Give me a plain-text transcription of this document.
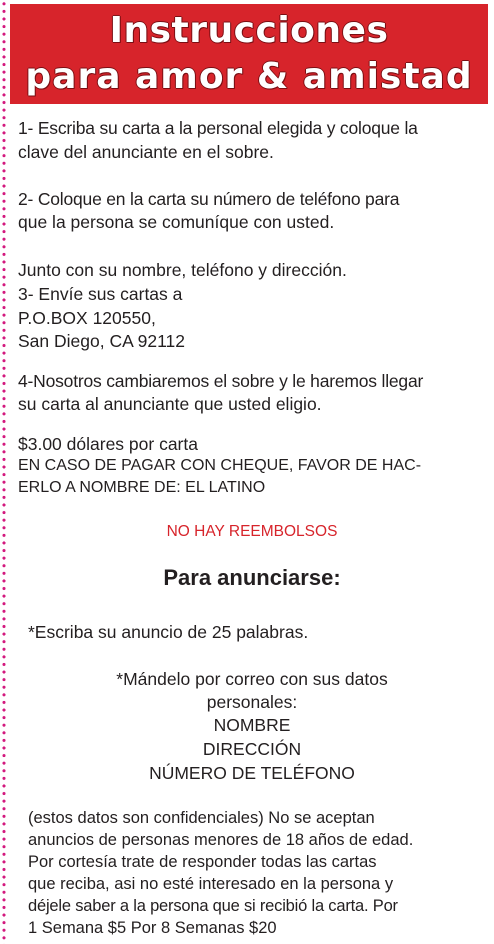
Instrucciones
para amor & amistad

1- Escriba su carta a la personal elegida y coloque la

clave del anunciante en el sobre.

2- Coloque en la carta su número de teléfono para

que la persona se comuníque con usted.

Junto con su nombre, teléfono y dirección.

3- Envíe sus cartas a

P.O.BOX 120550,

San Diego, CA 92112

4-Nosotros cambiaremos el sobre y le haremos llegar

su carta al anunciante que usted eligio.

$3.00 dólares por carta

EN CASO DE PAGAR CON CHEQUE, FAVOR DE HAC-

ERLO A NOMBRE DE: EL LATINO

NO HAY REEMBOLSOS

Para anunciarse:

*Escriba su anuncio de 25 palabras.

*Mándelo por correo con sus datos

personales:

NOMBRE

DIRECCIÓN

NÚMERO DE TELÉFONO

(estos datos son confidenciales) No se aceptan

anuncios de personas menores de 18 años de edad.

Por cortesía trate de responder todas las cartas

que reciba, asi no esté interesado en la persona y

déjele saber a la persona que si recibió la carta. Por

1 Semana $5 Por 8 Semanas $20
